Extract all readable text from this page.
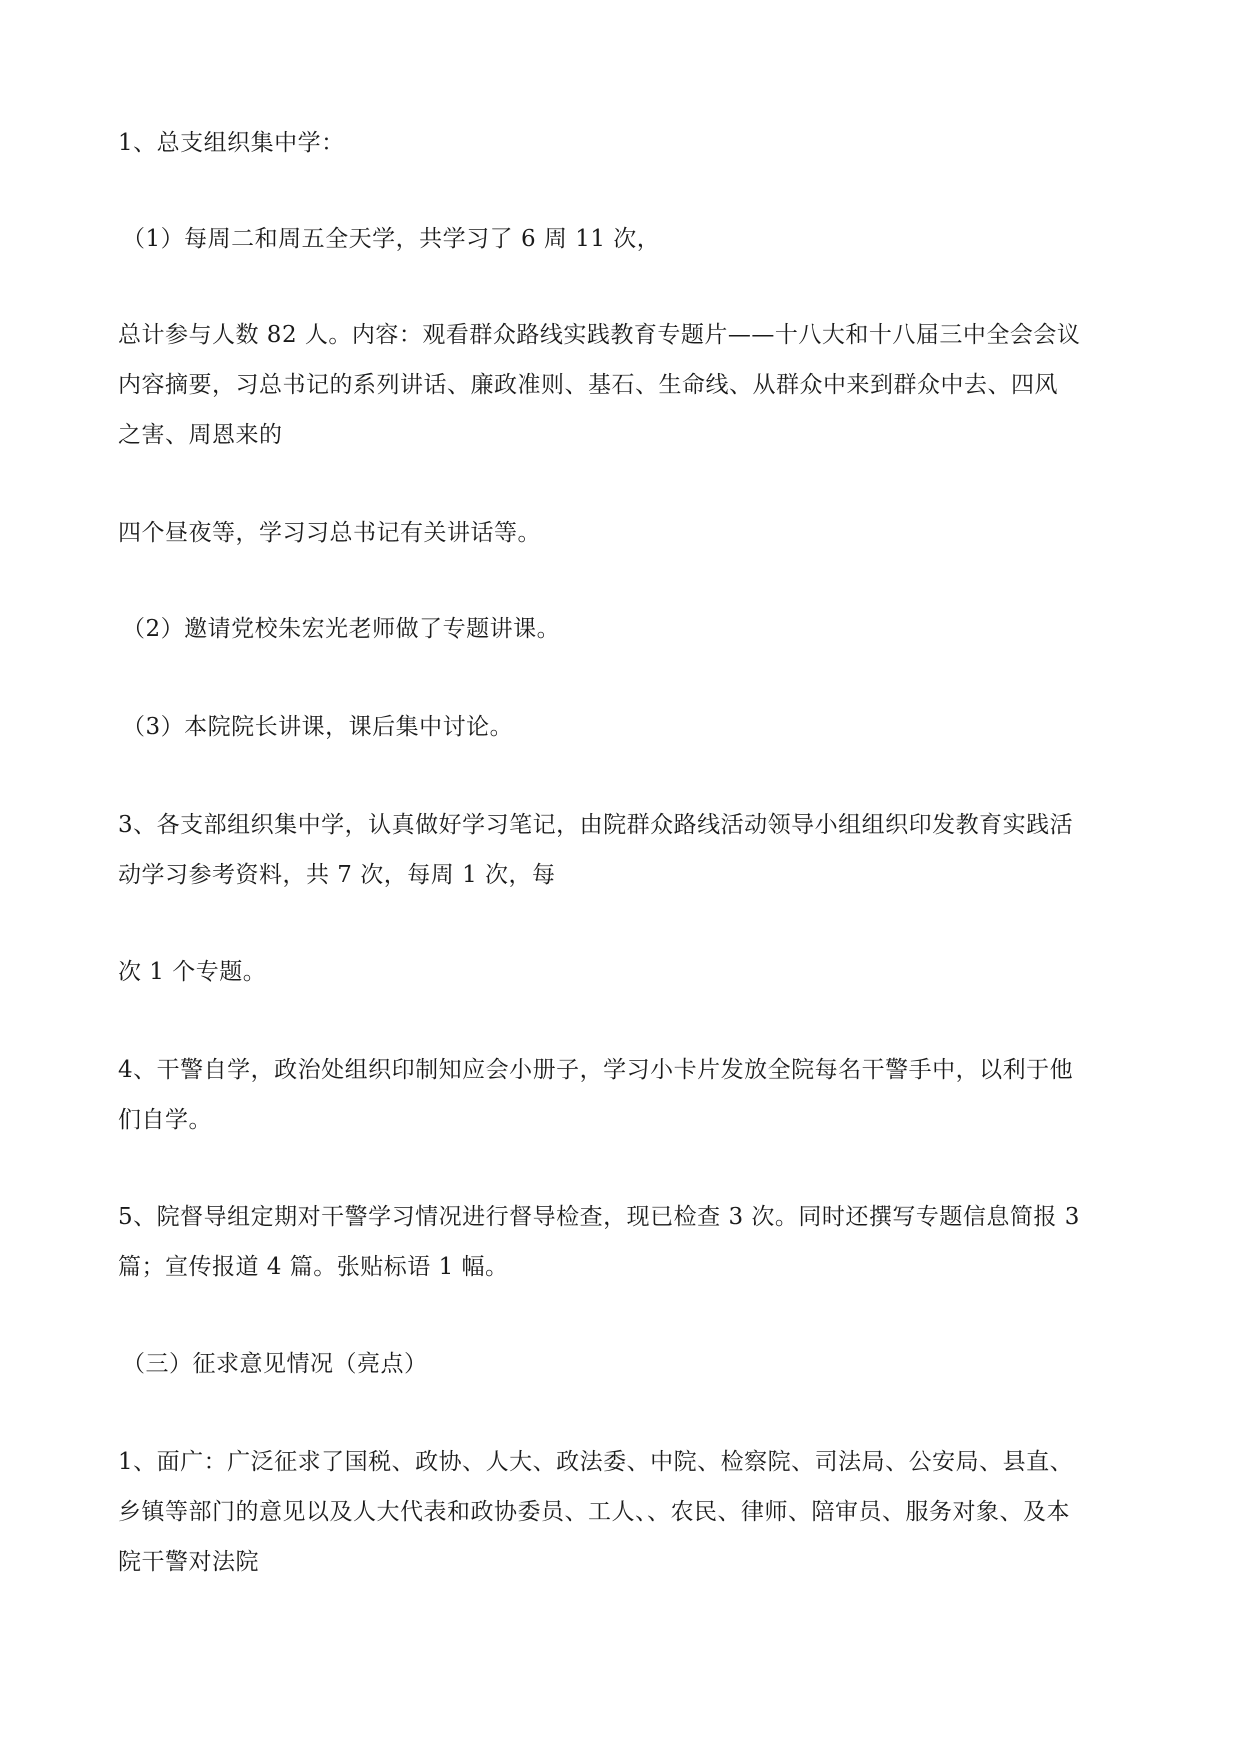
1、总支组织集中学：

（1）每周二和周五全天学，共学习了 6 周 11 次，

总计参与人数 82 人。内容：观看群众路线实践教育专题片——十八大和十八届三中全会会议
内容摘要，习总书记的系列讲话、廉政准则、基石、生命线、从群众中来到群众中去、四风
之害、周恩来的

四个昼夜等，学习习总书记有关讲话等。

（2）邀请党校朱宏光老师做了专题讲课。

（3）本院院长讲课，课后集中讨论。

3、各支部组织集中学，认真做好学习笔记，由院群众路线活动领导小组组织印发教育实践活
动学习参考资料，共 7 次，每周 1 次，每

次 1 个专题。

4、干警自学，政治处组织印制知应会小册子，学习小卡片发放全院每名干警手中，以利于他
们自学。

5、院督导组定期对干警学习情况进行督导检查，现已检查 3 次。同时还撰写专题信息简报 3
篇；宣传报道 4 篇。张贴标语 1 幅。

（三）征求意见情况（亮点）

1、面广：广泛征求了国税、政协、人大、政法委、中院、检察院、司法局、公安局、县直、
乡镇等部门的意见以及人大代表和政协委员、工人、、农民、律师、陪审员、服务对象、及本
院干警对法院
